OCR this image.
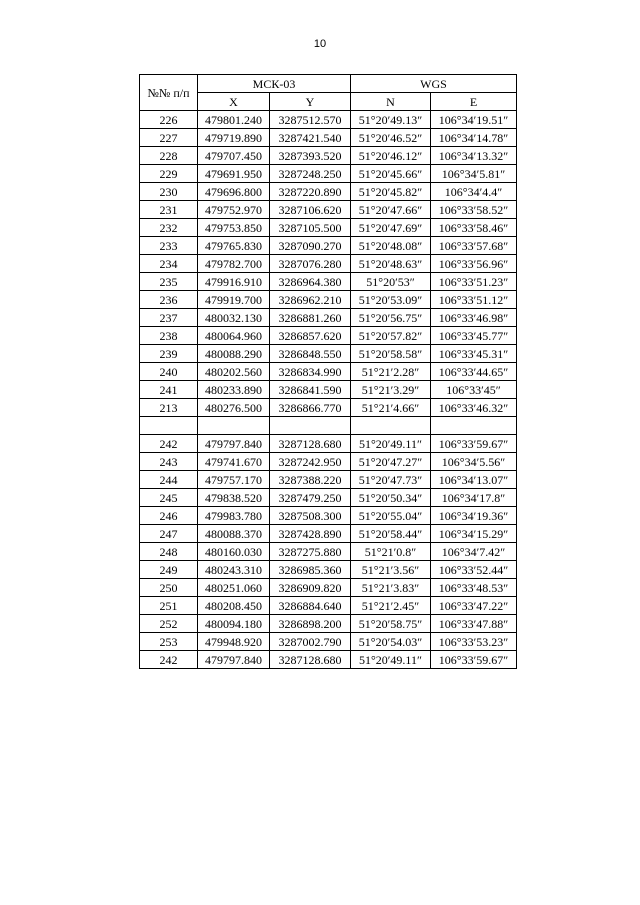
10
№№ п/п	МСК-03		WGS	
	X	Y	N	E
226	479801.240	3287512.570	51°20′49.13″	106°34′19.51″
227	479719.890	3287421.540	51°20′46.52″	106°34′14.78″
228	479707.450	3287393.520	51°20′46.12″	106°34′13.32″
229	479691.950	3287248.250	51°20′45.66″	106°34′5.81″
230	479696.800	3287220.890	51°20′45.82″	106°34′4.4″
231	479752.970	3287106.620	51°20′47.66″	106°33′58.52″
232	479753.850	3287105.500	51°20′47.69″	106°33′58.46″
233	479765.830	3287090.270	51°20′48.08″	106°33′57.68″
234	479782.700	3287076.280	51°20′48.63″	106°33′56.96″
235	479916.910	3286964.380	51°20′53″	106°33′51.23″
236	479919.700	3286962.210	51°20′53.09″	106°33′51.12″
237	480032.130	3286881.260	51°20′56.75″	106°33′46.98″
238	480064.960	3286857.620	51°20′57.82″	106°33′45.77″
239	480088.290	3286848.550	51°20′58.58″	106°33′45.31″
240	480202.560	3286834.990	51°21′2.28″	106°33′44.65″
241	480233.890	3286841.590	51°21′3.29″	106°33′45″
213	480276.500	3286866.770	51°21′4.66″	106°33′46.32″

242	479797.840	3287128.680	51°20′49.11″	106°33′59.67″
243	479741.670	3287242.950	51°20′47.27″	106°34′5.56″
244	479757.170	3287388.220	51°20′47.73″	106°34′13.07″
245	479838.520	3287479.250	51°20′50.34″	106°34′17.8″
246	479983.780	3287508.300	51°20′55.04″	106°34′19.36″
247	480088.370	3287428.890	51°20′58.44″	106°34′15.29″
248	480160.030	3287275.880	51°21′0.8″	106°34′7.42″
249	480243.310	3286985.360	51°21′3.56″	106°33′52.44″
250	480251.060	3286909.820	51°21′3.83″	106°33′48.53″
251	480208.450	3286884.640	51°21′2.45″	106°33′47.22″
252	480094.180	3286898.200	51°20′58.75″	106°33′47.88″
253	479948.920	3287002.790	51°20′54.03″	106°33′53.23″
242	479797.840	3287128.680	51°20′49.11″	106°33′59.67″
